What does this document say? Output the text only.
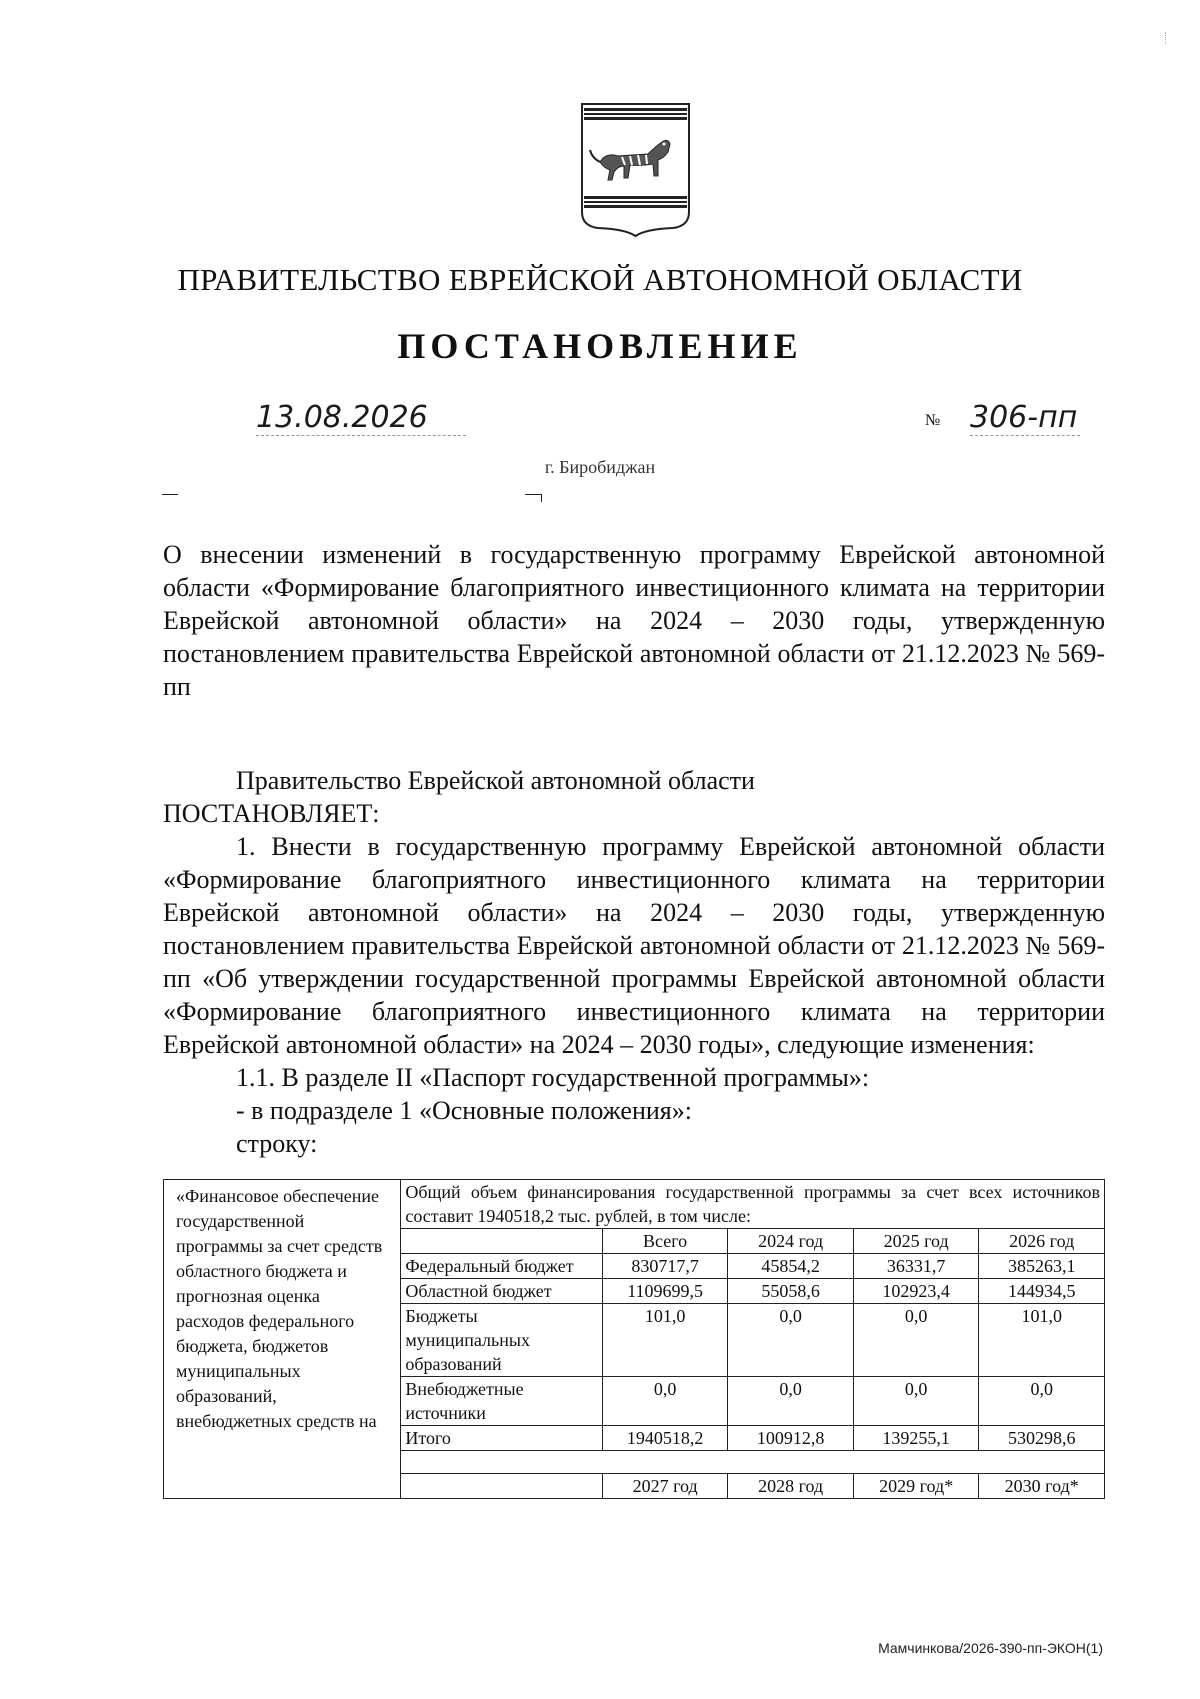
ПРАВИТЕЛЬСТВО ЕВРЕЙСКОЙ АВТОНОМНОЙ ОБЛАСТИ
ПОСТАНОВЛЕНИЕ
13.08.2026	№ 306-пп
г. Биробиджан
О внесении изменений в государственную программу Еврейской автономной области «Формирование благоприятного инвестиционного климата на территории Еврейской автономной области» на 2024 – 2030 годы, утвержденную постановлением правительства Еврейской автономной области от 21.12.2023 № 569-пп

Правительство Еврейской автономной области

ПОСТАНОВЛЯЕТ:

1. Внести в государственную программу Еврейской автономной области «Формирование благоприятного инвестиционного климата на территории Еврейской автономной области» на 2024 – 2030 годы, утвержденную постановлением правительства Еврейской автономной области от 21.12.2023 № 569-пп «Об утверждении государственной программы Еврейской автономной области «Формирование благоприятного инвестиционного климата на территории Еврейской автономной области» на 2024 – 2030 годы», следующие изменения:

1.1. В разделе II «Паспорт государственной программы»:

- в подразделе 1 «Основные положения»:

строку:

«Финансовое обеспечение государственной программы за счет средств областного бюджета и прогнозная оценка расходов федерального бюджета, бюджетов муниципальных образований, внебюджетных средств на	Общий объем финансирования государственной программы за счет всех источников составит 1940518,2 тыс. рублей, в том числе:				
		Всего	2024 год	2025 год	2026 год
	Федеральный бюджет	830717,7	45854,2	36331,7	385263,1
	Областной бюджет	1109699,5	55058,6	102923,4	144934,5
	Бюджеты муниципальных образований	101,0	0,0	0,0	101,0
	Внебюджетные источники	0,0	0,0	0,0	0,0
	Итого	1940518,2	100912,8	139255,1	530298,6

		2027 год	2028 год	2029 год*	2030 год*
Мамчинкова/2026-390-пп-ЭКОН(1)
